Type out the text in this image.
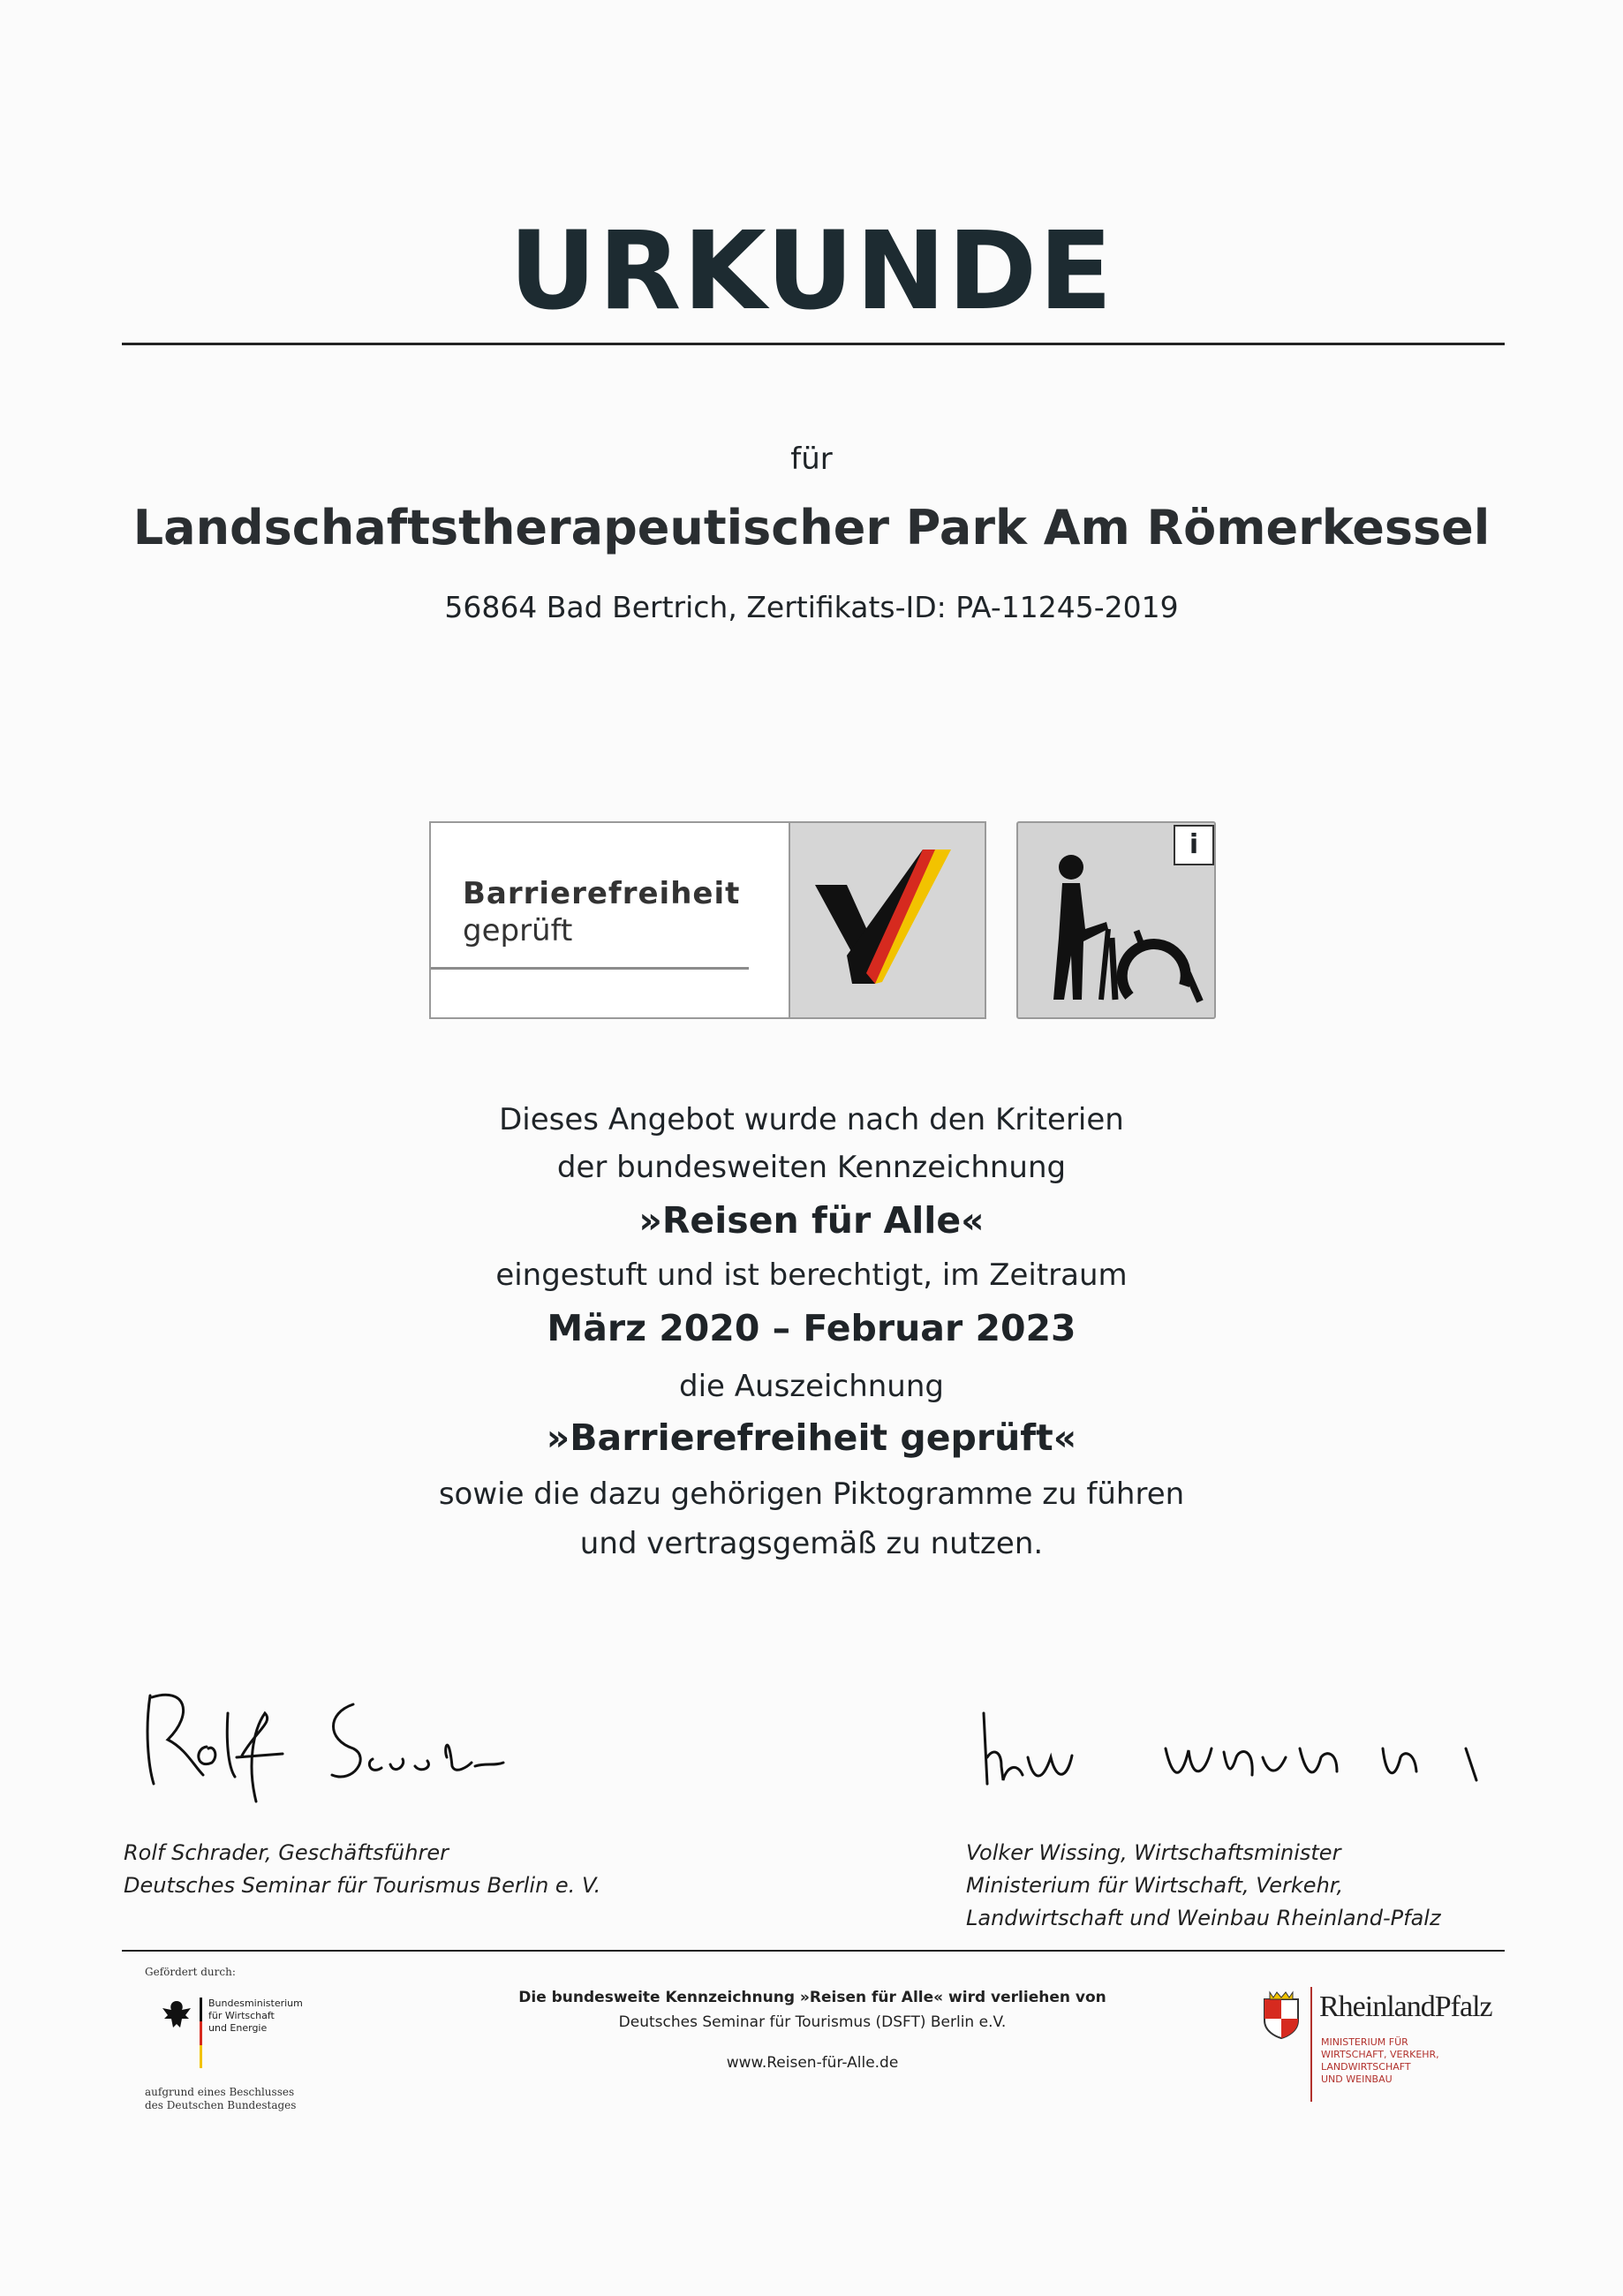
URKUNDE
für
Landschaftstherapeutischer Park Am Römerkessel
56864 Bad Bertrich, Zertifikats-ID: PA-11245-2019
Barrierefreiheit
geprüft
i
Dieses Angebot wurde nach den Kriterien
der bundesweiten Kennzeichnung
»Reisen für Alle«
eingestuft und ist berechtigt, im Zeitraum
März 2020 – Februar 2023
die Auszeichnung
»Barrierefreiheit geprüft«
sowie die dazu gehörigen Piktogramme zu führen
und vertragsgemäß zu nutzen.
Rolf Schrader, Geschäftsführer
Deutsches Seminar für Tourismus Berlin e. V.
Volker Wissing, Wirtschaftsminister
Ministerium für Wirtschaft, Verkehr,
Landwirtschaft und Weinbau Rheinland-Pfalz
Gefördert durch:
Bundesministerium
für Wirtschaft
und Energie
aufgrund eines Beschlusses
des Deutschen Bundestages
Die bundesweite Kennzeichnung »Reisen für Alle« wird verliehen von
Deutsches Seminar für Tourismus (DSFT) Berlin e.V.
www.Reisen-für-Alle.de
RheinlandPfalz
MINISTERIUM FÜR
WIRTSCHAFT, VERKEHR,
LANDWIRTSCHAFT
UND WEINBAU
